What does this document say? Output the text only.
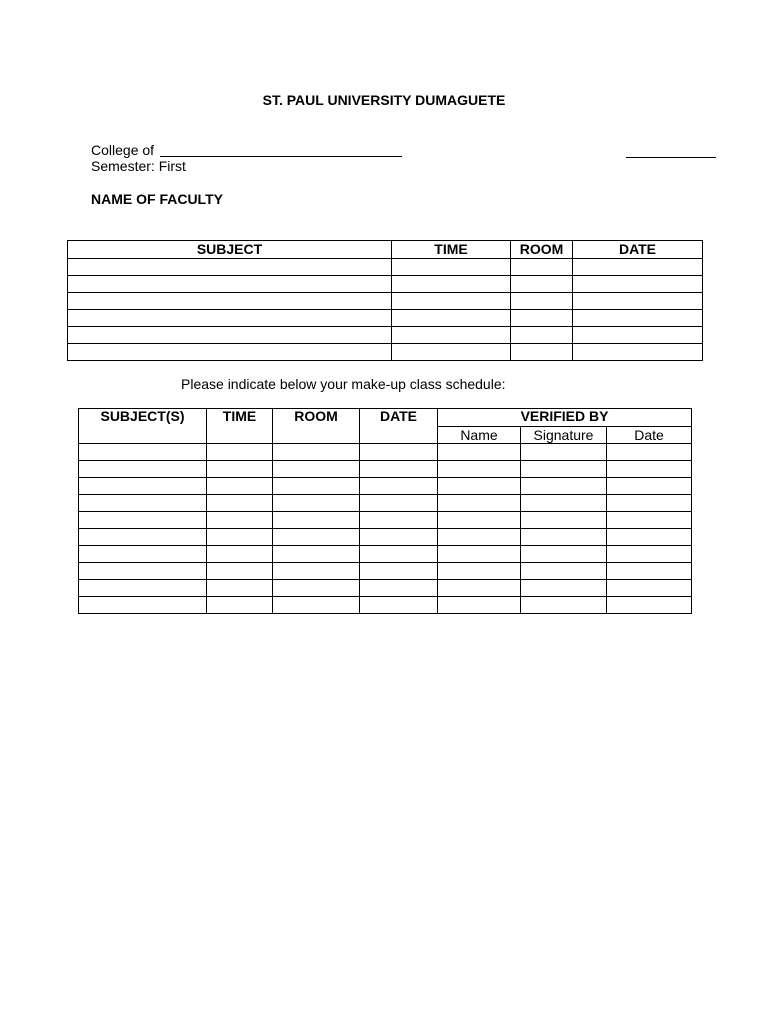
ST. PAUL UNIVERSITY DUMAGUETE
College of
Semester: First
NAME OF FACULTY
SUBJECT	TIME	ROOM	DATE

Please indicate below your make-up class schedule:
SUBJECT(S)	TIME	ROOM	DATE	VERIFIED BY		
				Name	Signature	Date
